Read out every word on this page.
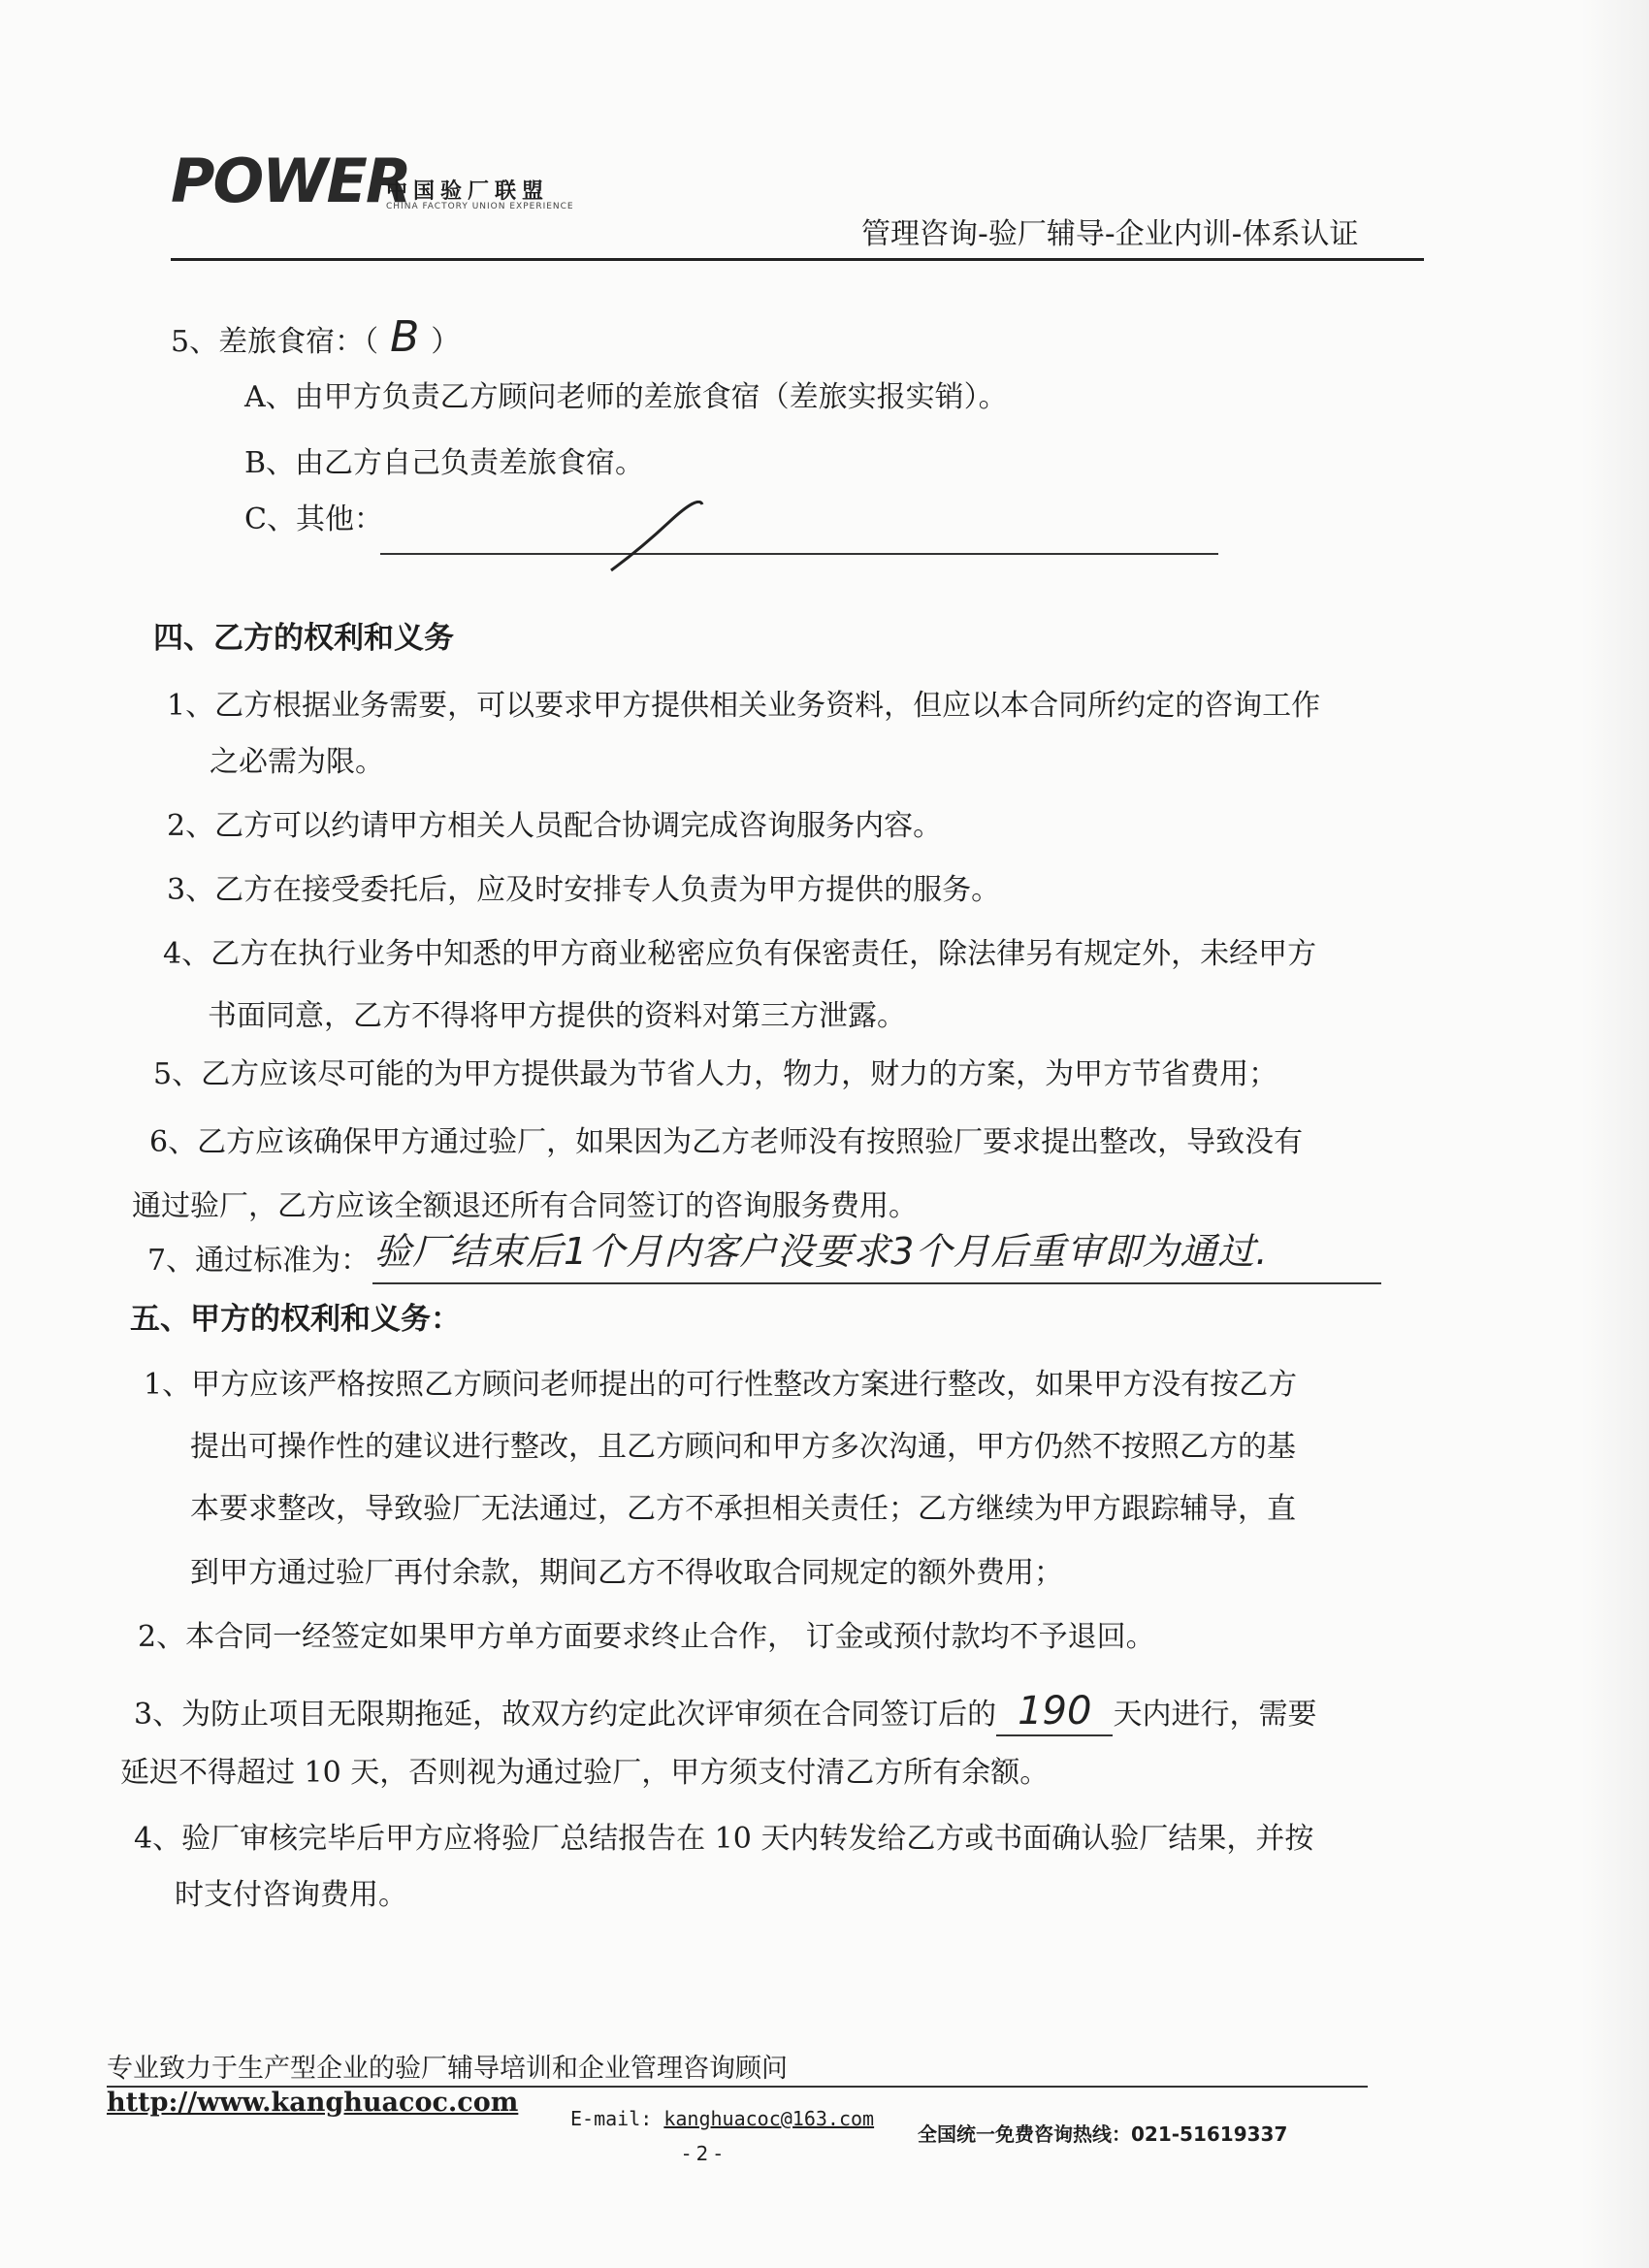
POWER
中国验厂联盟
CHINA FACTORY UNION EXPERIENCE
管理咨询-验厂辅导-企业内训-体系认证
5、差旅食宿：（ B ）
A、由甲方负责乙方顾问老师的差旅食宿（差旅实报实销）。
B、由乙方自己负责差旅食宿。
C、其他：
四、乙方的权利和义务
1、乙方根据业务需要，可以要求甲方提供相关业务资料，但应以本合同所约定的咨询工作
之必需为限。
2、乙方可以约请甲方相关人员配合协调完成咨询服务内容。
3、乙方在接受委托后，应及时安排专人负责为甲方提供的服务。
4、乙方在执行业务中知悉的甲方商业秘密应负有保密责任，除法律另有规定外，未经甲方
书面同意，乙方不得将甲方提供的资料对第三方泄露。
5、乙方应该尽可能的为甲方提供最为节省人力，物力，财力的方案，为甲方节省费用；
6、乙方应该确保甲方通过验厂，如果因为乙方老师没有按照验厂要求提出整改，导致没有
通过验厂，乙方应该全额退还所有合同签订的咨询服务费用。
7、通过标准为： 验厂结束后1个月内客户没要求3个月后重审即为通过.
五、甲方的权利和义务：
1、甲方应该严格按照乙方顾问老师提出的可行性整改方案进行整改，如果甲方没有按乙方
提出可操作性的建议进行整改，且乙方顾问和甲方多次沟通，甲方仍然不按照乙方的基
本要求整改，导致验厂无法通过，乙方不承担相关责任；乙方继续为甲方跟踪辅导，直
到甲方通过验厂再付余款，期间乙方不得收取合同规定的额外费用；
2、本合同一经签定如果甲方单方面要求终止合作， 订金或预付款均不予退回。
3、为防止项目无限期拖延，故双方约定此次评审须在合同签订后的 190 天内进行，需要
延迟不得超过 10 天，否则视为通过验厂，甲方须支付清乙方所有余额。
4、验厂审核完毕后甲方应将验厂总结报告在 10 天内转发给乙方或书面确认验厂结果，并按
时支付咨询费用。
专业致力于生产型企业的验厂辅导培训和企业管理咨询顾问
http://www.kanghuacoc.com
E-mail: kanghuacoc@163.com
全国统一免费咨询热线：021-51619337
- 2 -
